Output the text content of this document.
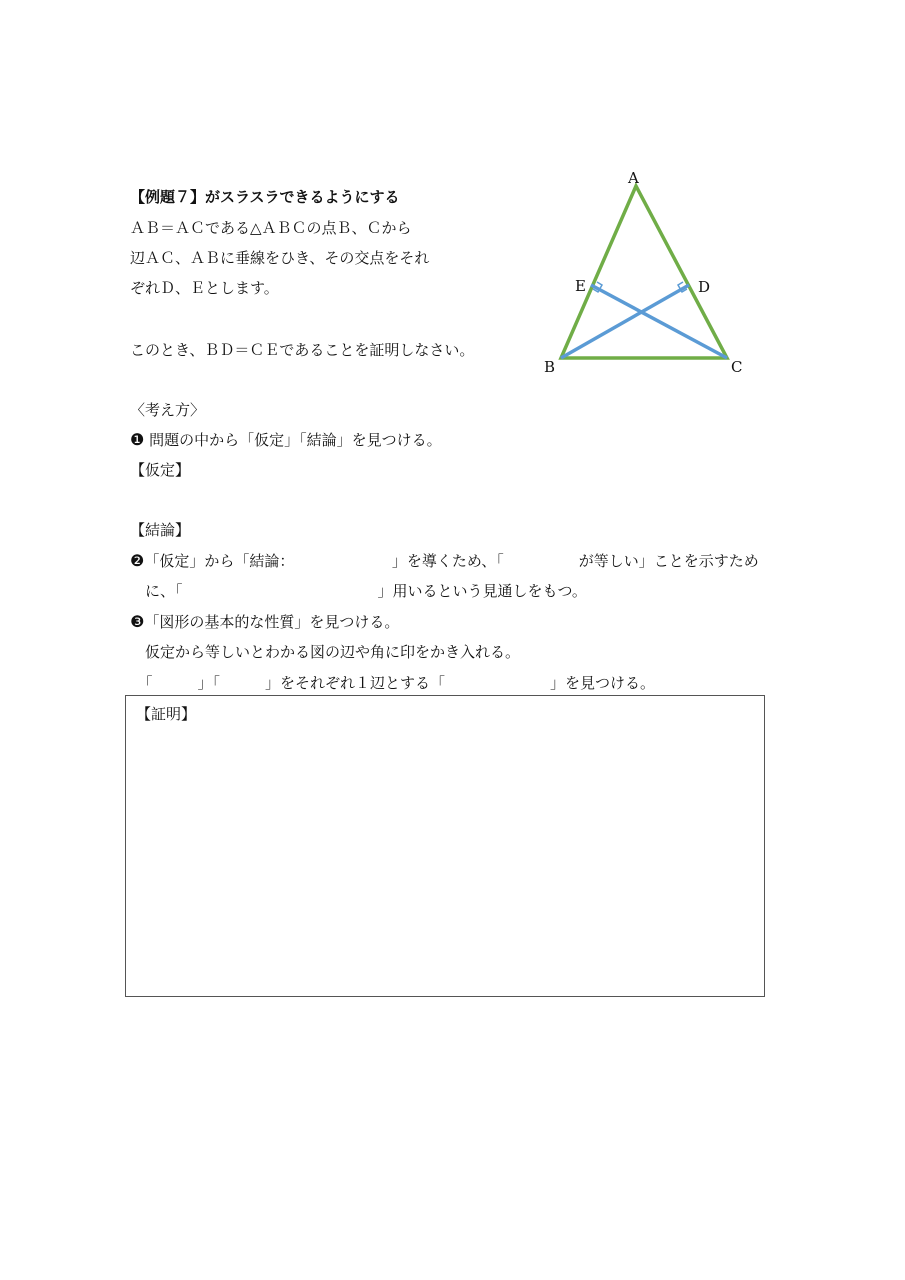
【例題７】がスラスラできるようにする
ＡＢ＝ＡＣである△ＡＢＣの点Ｂ、Ｃから
辺ＡＣ、ＡＢに垂線をひき、その交点をそれ
ぞれＤ、Ｅとします。
このとき、ＢＤ＝ＣＥであることを証明しなさい。
A
B	C
D
E
〈考え方〉
❶ 問題の中から「仮定」「結論」を見つける。
【仮定】
【結論】
❷「仮定」から「結論：　　　　　　　」を導くため、「　　　　　が等しい」ことを示すため
　に、「　　　　　　　　　　　　　」用いるという見通しをもつ。
❸「図形の基本的な性質」を見つける。
　仮定から等しいとわかる図の辺や角に印をかき入れる。
　「　　　」「　　　」をそれぞれ１辺とする「　　　　　　　」を見つける。
【証明】
